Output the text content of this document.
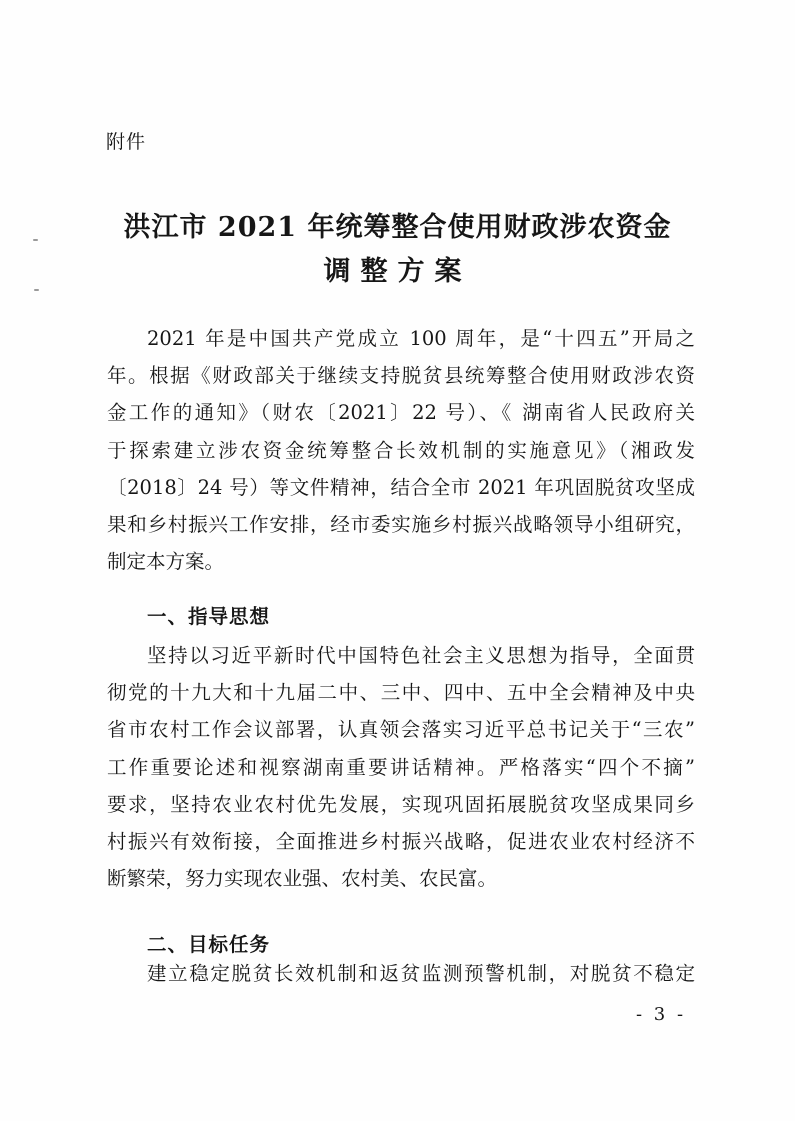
附件
洪江市 2021 年统筹整合使用财政涉农资金
调整方案
2021 年是中国共产党成立 100 周年，是“十四五”开局之
年。根据《财政部关于继续支持脱贫县统筹整合使用财政涉农资
金工作的通知》（财农〔2021〕22 号）、《 湖南省人民政府关
于探索建立涉农资金统筹整合长效机制的实施意见》（湘政发
〔2018〕24 号）等文件精神，结合全市 2021 年巩固脱贫攻坚成
果和乡村振兴工作安排，经市委实施乡村振兴战略领导小组研究，
制定本方案。
一、指导思想
坚持以习近平新时代中国特色社会主义思想为指导，全面贯
彻党的十九大和十九届二中、三中、四中、五中全会精神及中央
省市农村工作会议部署，认真领会落实习近平总书记关于“三农”
工作重要论述和视察湖南重要讲话精神。严格落实“四个不摘”
要求，坚持农业农村优先发展，实现巩固拓展脱贫攻坚成果同乡
村振兴有效衔接，全面推进乡村振兴战略，促进农业农村经济不
断繁荣，努力实现农业强、农村美、农民富。
二、目标任务
建立稳定脱贫长效机制和返贫监测预警机制，对脱贫不稳定
- 3 -
